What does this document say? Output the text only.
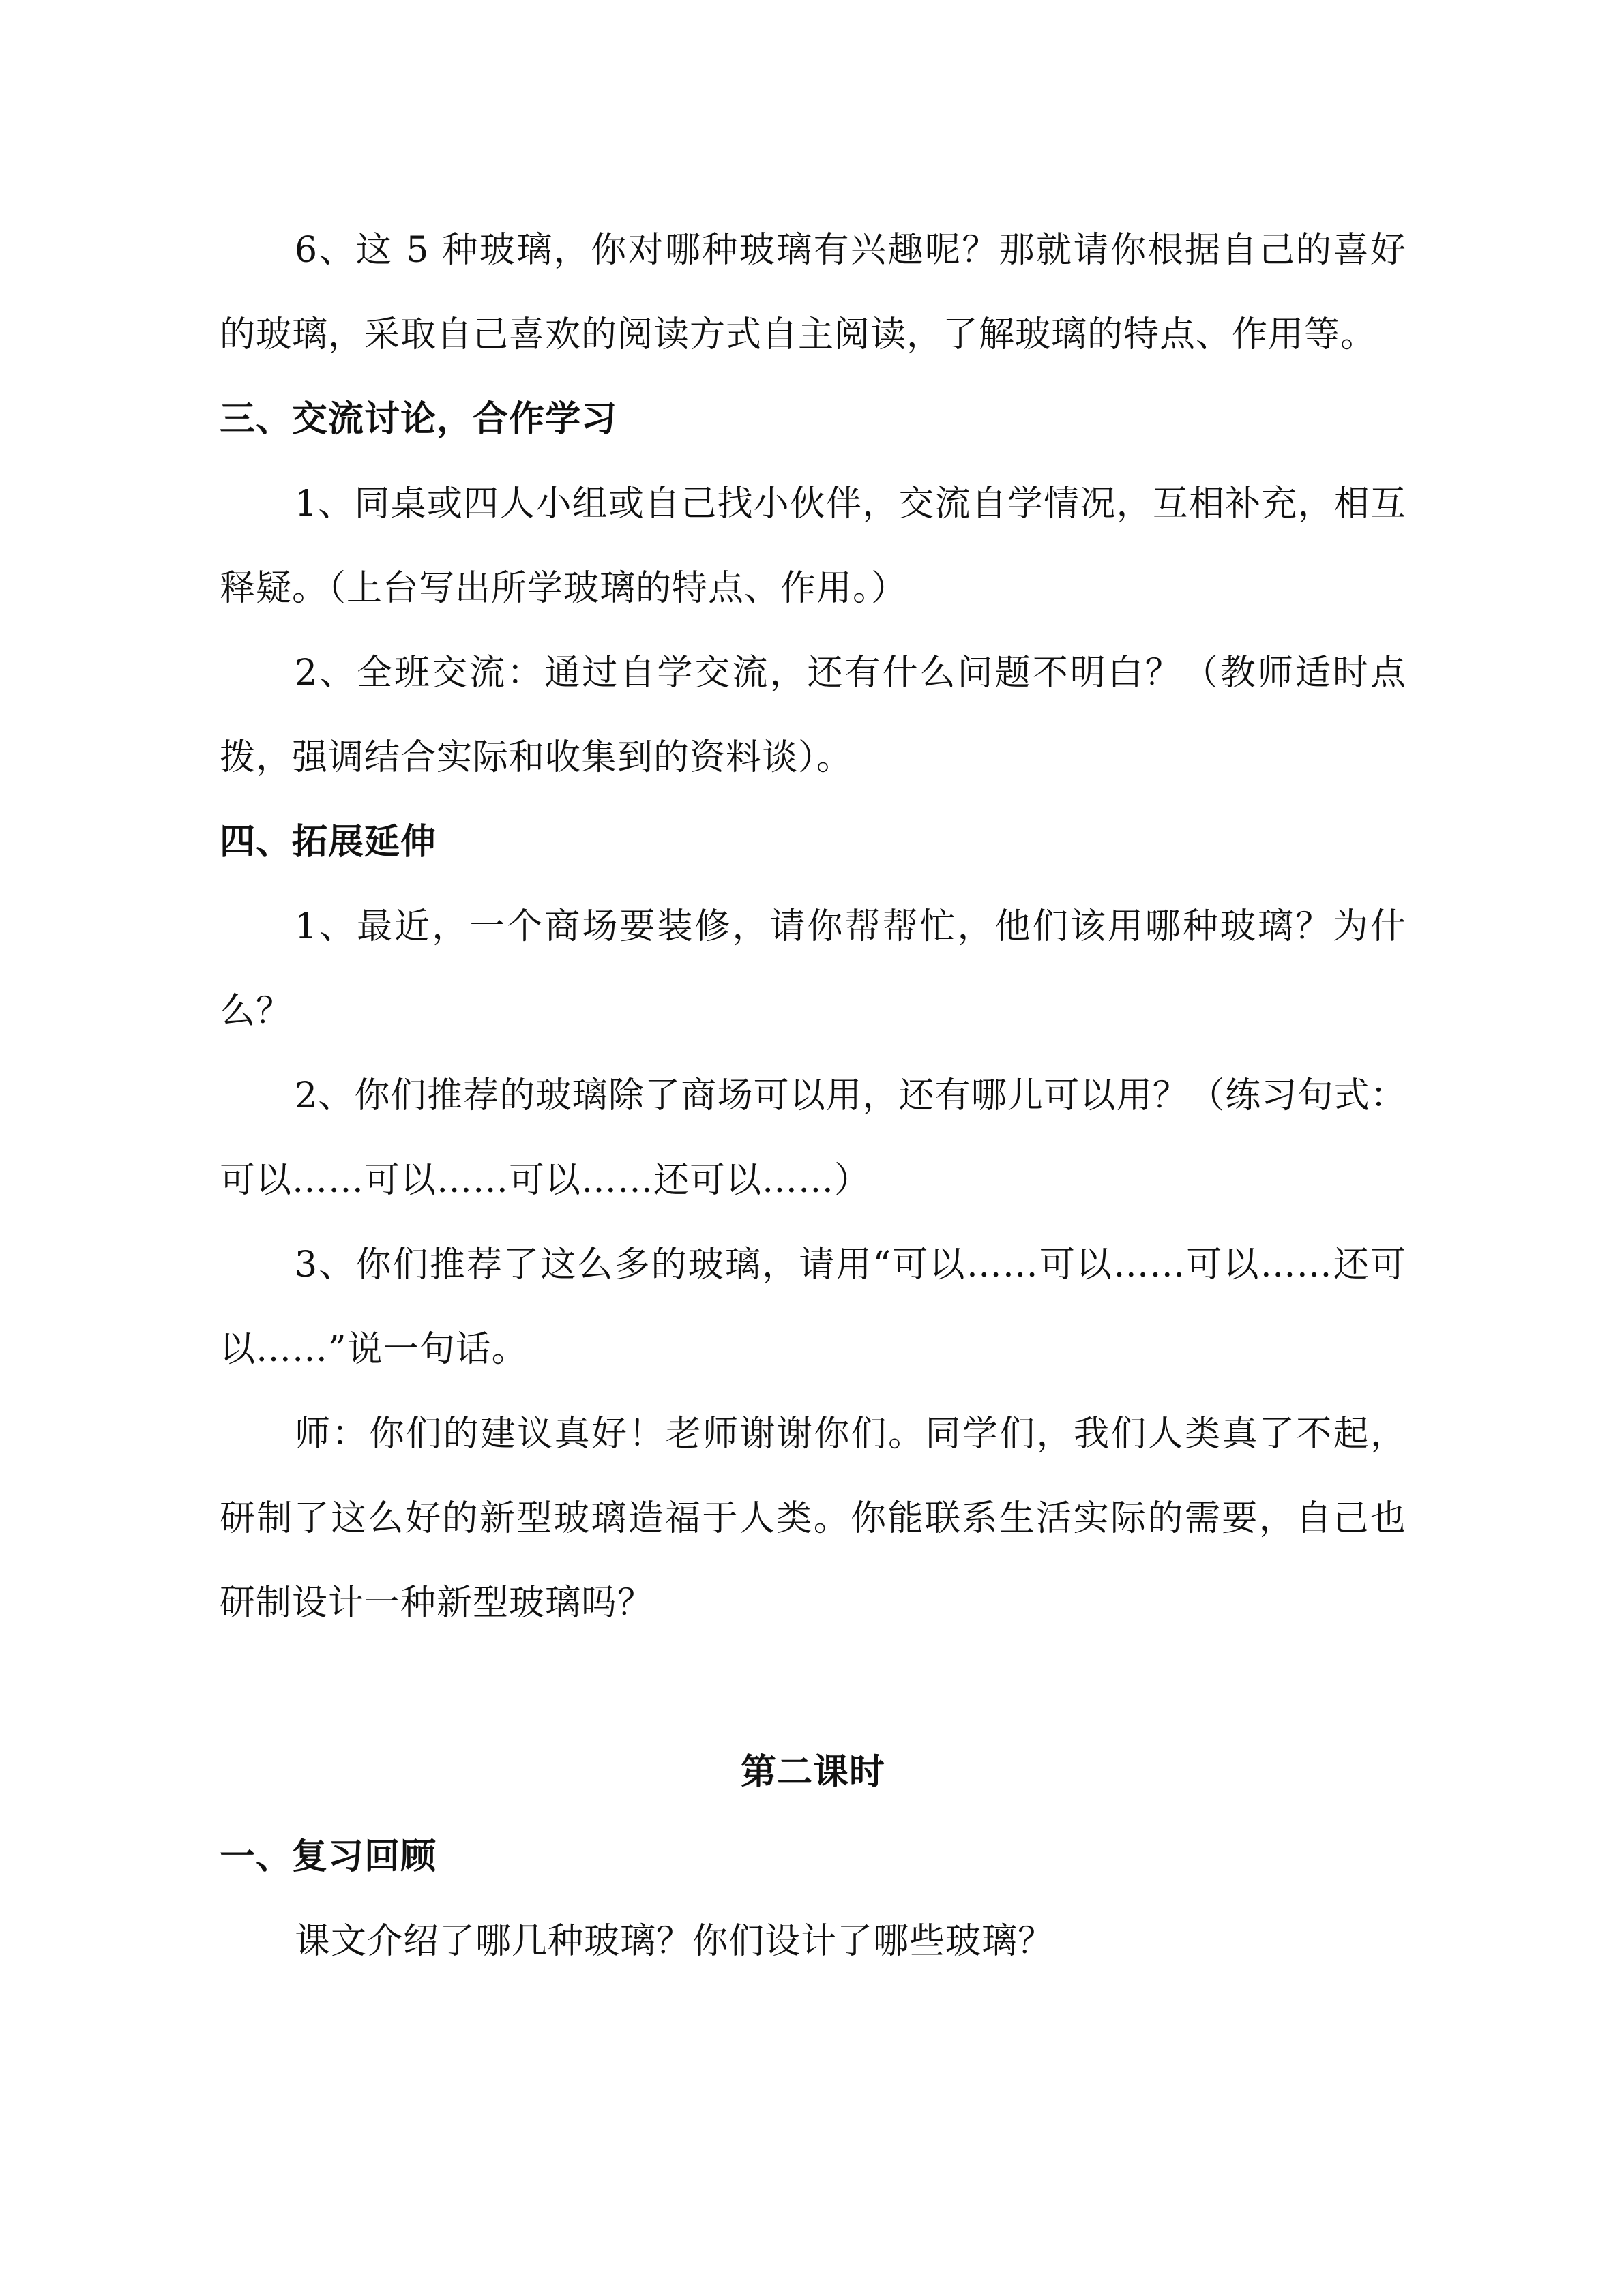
6、这 5 种玻璃，你对哪种玻璃有兴趣呢？那就请你根据自己的喜好的玻璃，采取自己喜欢的阅读方式自主阅读，了解玻璃的特点、作用等。

三、交流讨论，合作学习

1、同桌或四人小组或自己找小伙伴，交流自学情况，互相补充，相互释疑。（上台写出所学玻璃的特点、作用。）

2、全班交流：通过自学交流，还有什么问题不明白？（教师适时点拨，强调结合实际和收集到的资料谈）。

四、拓展延伸

1、最近，一个商场要装修，请你帮帮忙，他们该用哪种玻璃？为什么？

2、你们推荐的玻璃除了商场可以用，还有哪儿可以用？（练习句式：可以……可以……可以……还可以……）

3、你们推荐了这么多的玻璃，请用“可以……可以……可以……还可以……”说一句话。

师：你们的建议真好！老师谢谢你们。同学们，我们人类真了不起，研制了这么好的新型玻璃造福于人类。你能联系生活实际的需要，自己也研制设计一种新型玻璃吗？

第二课时

一、复习回顾

课文介绍了哪几种玻璃？你们设计了哪些玻璃？
